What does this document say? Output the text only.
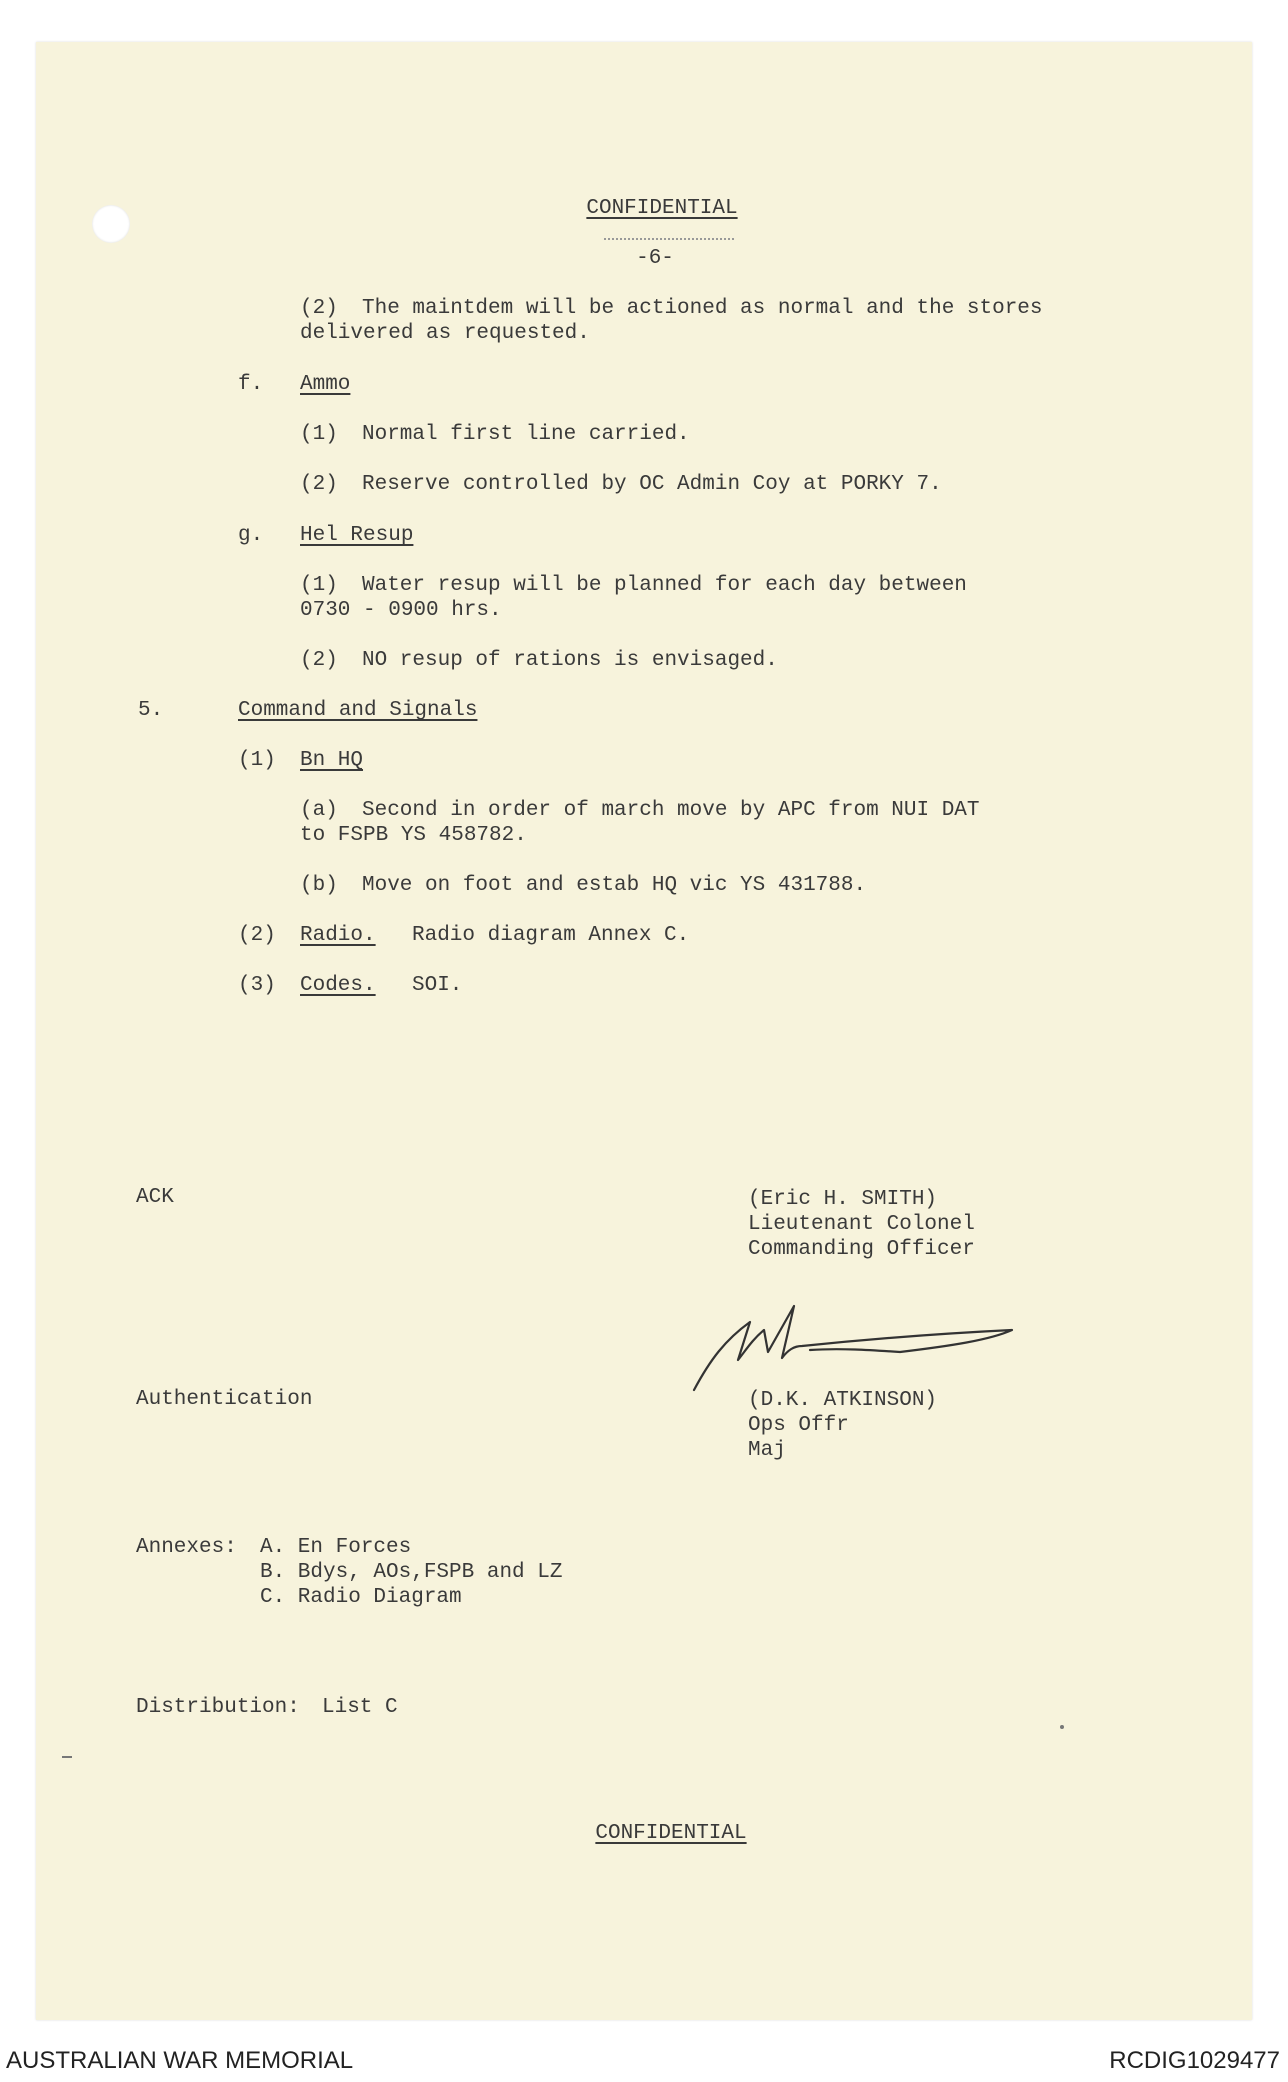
CONFIDENTIAL
-6-
(2) The maintdem will be actioned as normal and the stores
delivered as requested.
f. Ammo
(1) Normal first line carried.
(2) Reserve controlled by OC Admin Coy at PORKY 7.
g. Hel Resup
(1) Water resup will be planned for each day between
0730 - 0900 hrs.
(2) NO resup of rations is envisaged.
5.	Command and Signals
(1) Bn HQ
(a) Second in order of march move by APC from NUI DAT
to FSPB YS 458782.
(b) Move on foot and estab HQ vic YS 431788.
(2) Radio. Radio diagram Annex C.
(3) Codes. SOI.
ACK	(Eric H. SMITH)
Lieutenant Colonel
Commanding Officer
Authentication	(D.K. ATKINSON)
Ops Offr
Maj
Annexes: A. En Forces
B. Bdys, AOs,FSPB and LZ
C. Radio Diagram
Distribution: List C
CONFIDENTIAL
AUSTRALIAN WAR MEMORIAL	RCDIG1029477
